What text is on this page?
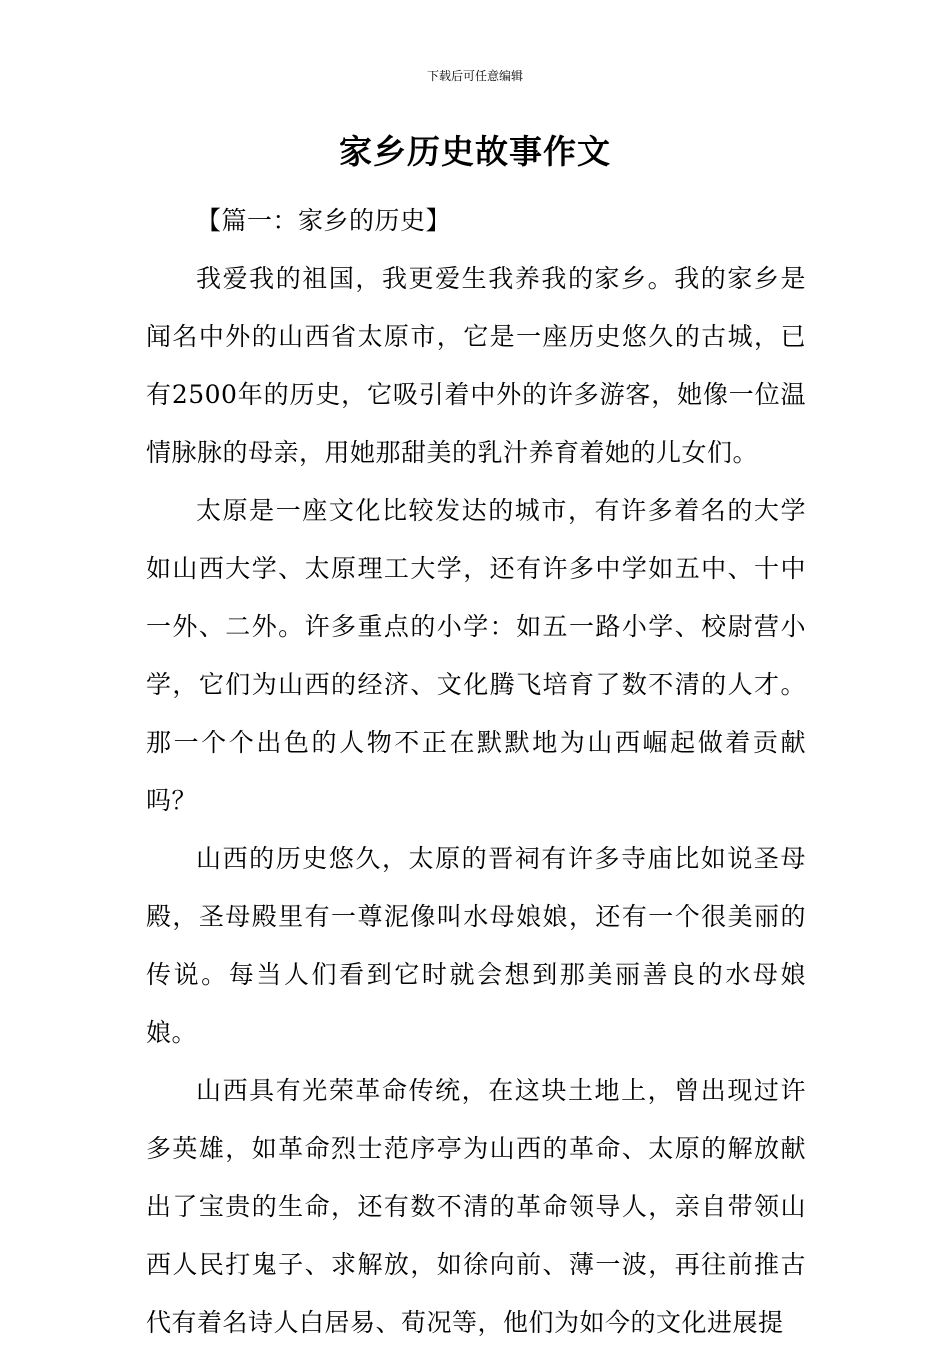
下载后可任意编辑
家乡历史故事作文

【篇一：家乡的历史】

我爱我的祖国，我更爱生我养我的家乡。我的家乡是闻名中外的山西省太原市，它是一座历史悠久的古城，已有2500年的历史，它吸引着中外的许多游客，她像一位温情脉脉的母亲，用她那甜美的乳汁养育着她的儿女们。

太原是一座文化比较发达的城市，有许多着名的大学如山西大学、太原理工大学，还有许多中学如五中、十中一外、二外。许多重点的小学：如五一路小学、校尉营小学，它们为山西的经济、文化腾飞培育了数不清的人才。那一个个出色的人物不正在默默地为山西崛起做着贡献吗？

山西的历史悠久，太原的晋祠有许多寺庙比如说圣母殿，圣母殿里有一尊泥像叫水母娘娘，还有一个很美丽的传说。每当人们看到它时就会想到那美丽善良的水母娘娘。

山西具有光荣革命传统，在这块土地上，曾出现过许多英雄，如革命烈士范序亭为山西的革命、太原的解放献出了宝贵的生命，还有数不清的革命领导人，亲自带领山西人民打鬼子、求解放，如徐向前、薄一波，再往前推古代有着名诗人白居易、荀况等，他们为如今的文化进展提
